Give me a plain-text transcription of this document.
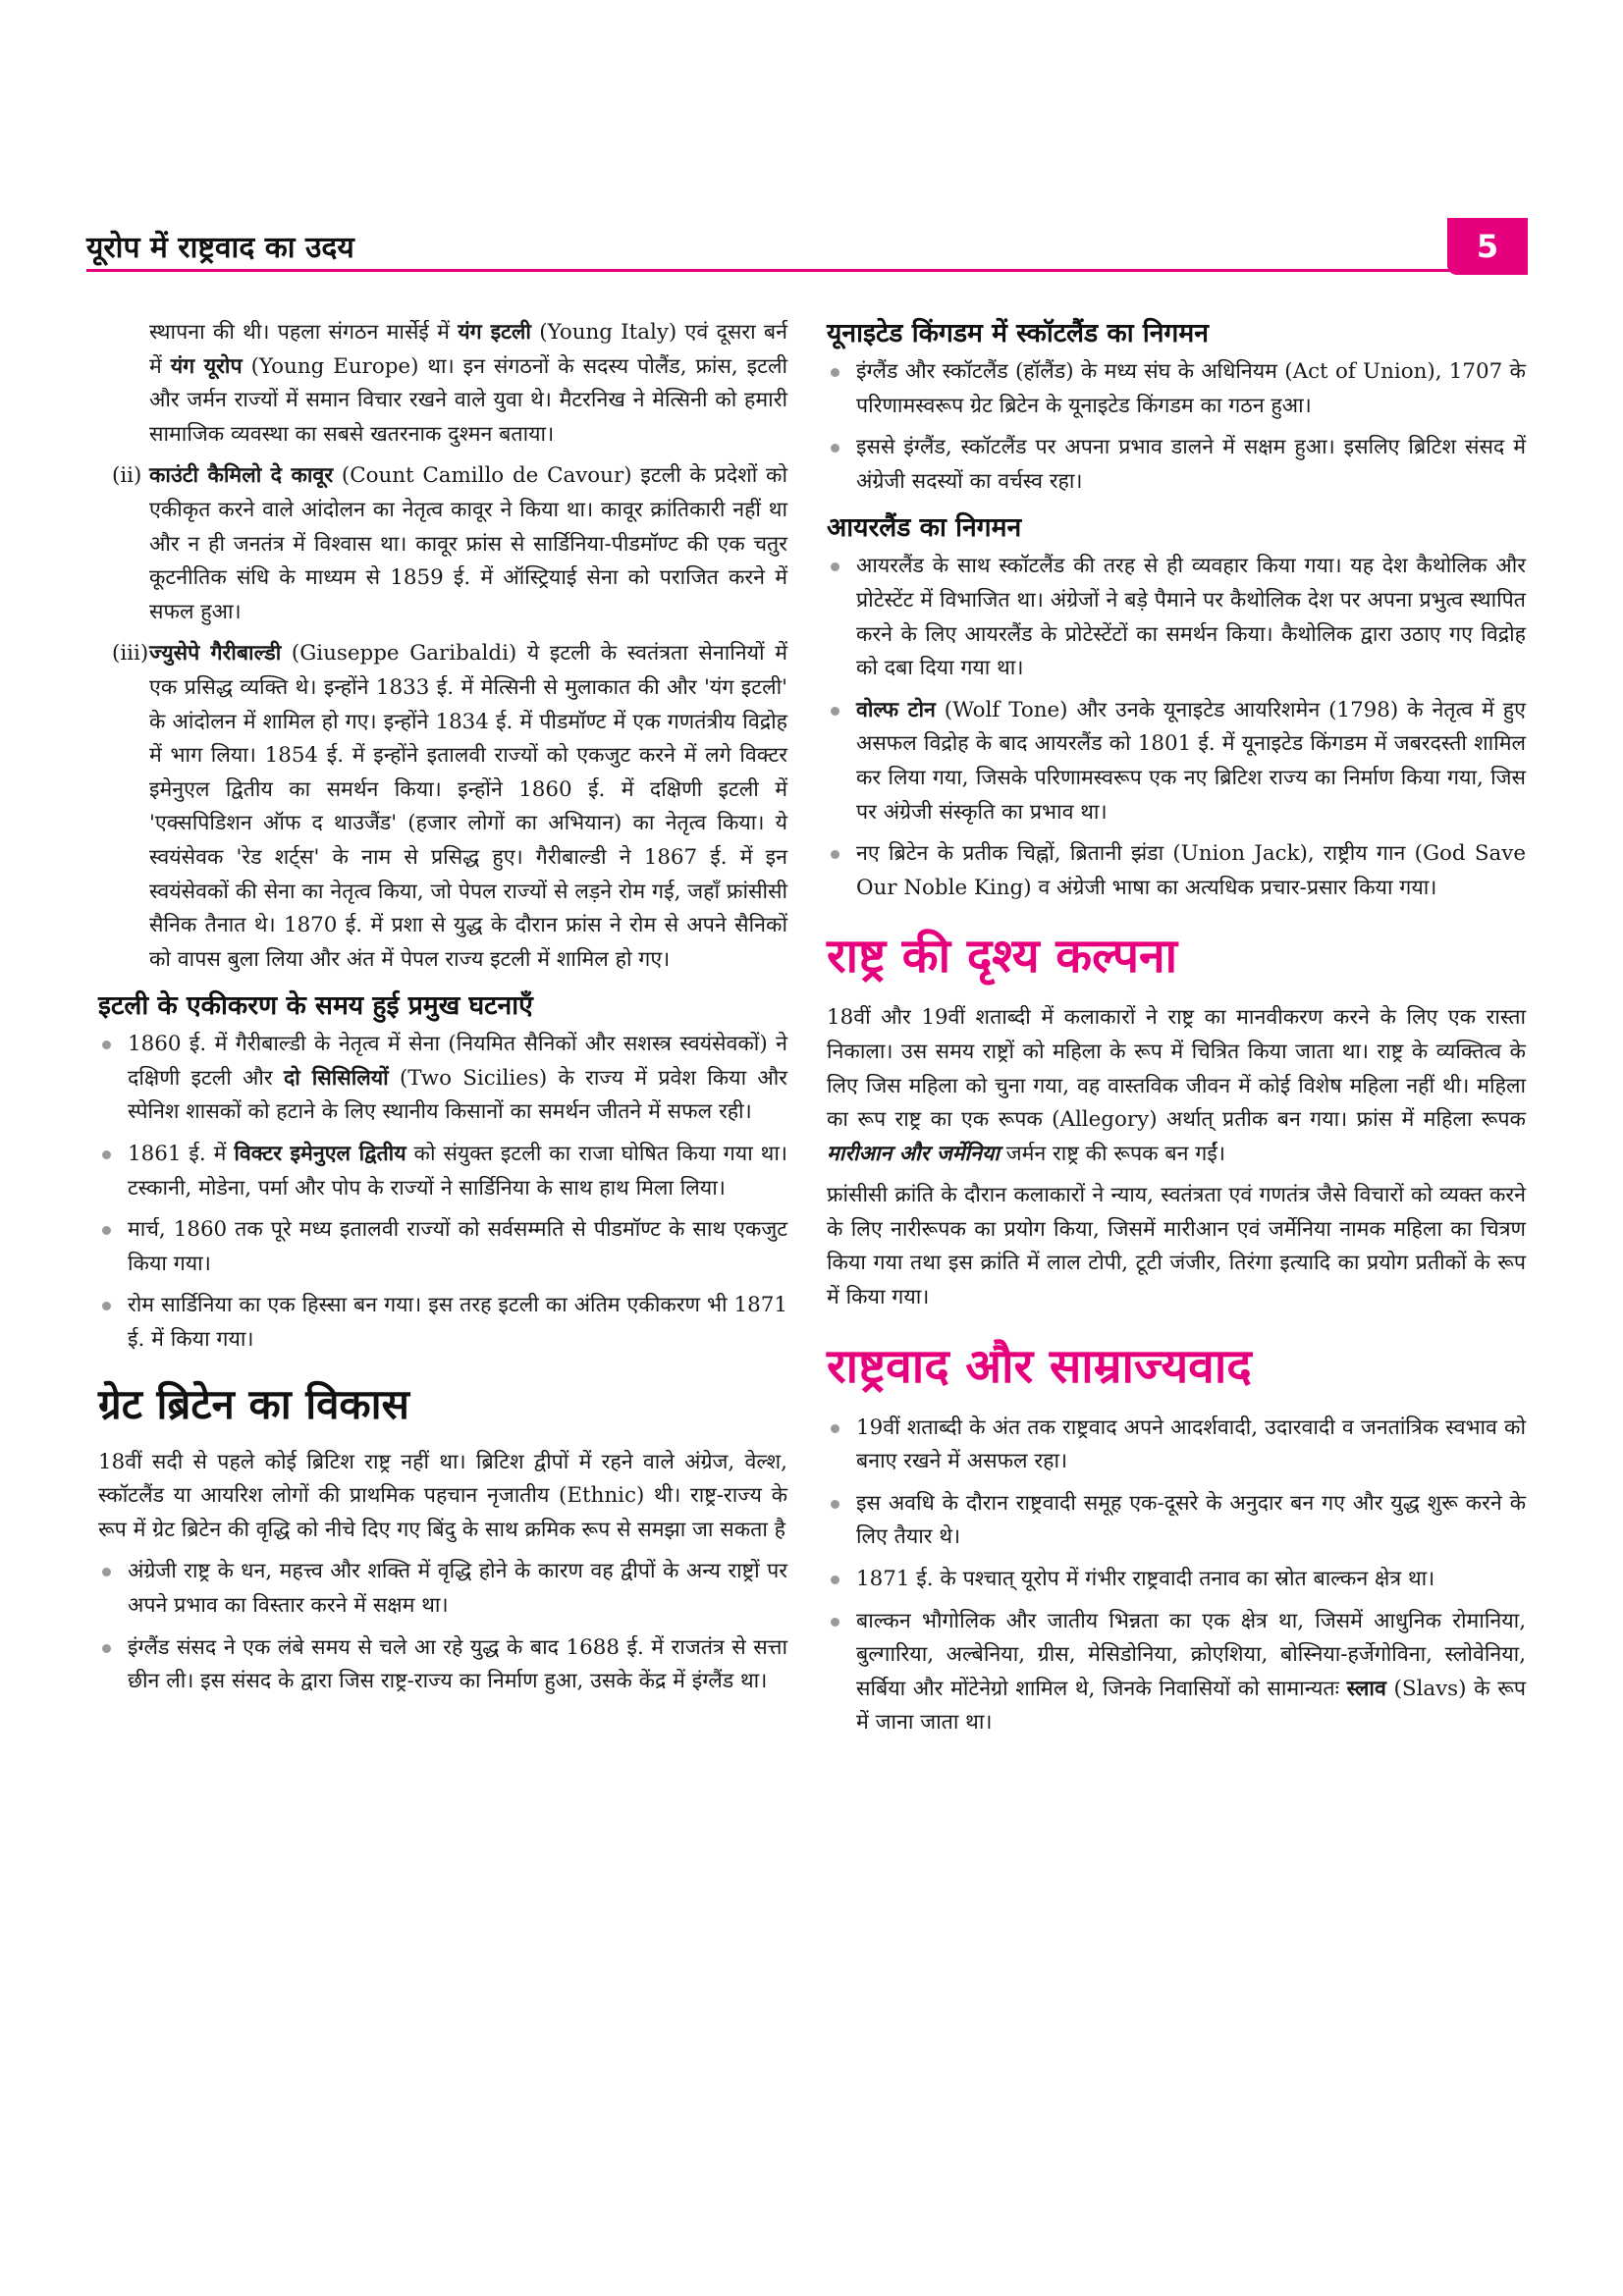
यूरोप में राष्ट्रवाद का उदय	5

स्थापना की थी। पहला संगठन मार्सेई में यंग इटली (Young Italy) एवं दूसरा बर्न में यंग यूरोप (Young Europe) था। इन संगठनों के सदस्य पोलैंड, फ्रांस, इटली और जर्मन राज्यों में समान विचार रखने वाले युवा थे। मैटरनिख ने मेत्सिनी को हमारी सामाजिक व्यवस्था का सबसे खतरनाक दुश्मन बताया।

(ii) काउंटी कैमिलो दे कावूर (Count Camillo de Cavour) इटली के प्रदेशों को एकीकृत करने वाले आंदोलन का नेतृत्व कावूर ने किया था। कावूर क्रांतिकारी नहीं था और न ही जनतंत्र में विश्वास था। कावूर फ्रांस से सार्डिनिया-पीडमॉण्ट की एक चतुर कूटनीतिक संधि के माध्यम से 1859 ई. में ऑस्ट्रियाई सेना को पराजित करने में सफल हुआ।
(iii) ज्युसेपे गैरीबाल्डी (Giuseppe Garibaldi) ये इटली के स्वतंत्रता सेनानियों में एक प्रसिद्ध व्यक्ति थे। इन्होंने 1833 ई. में मेत्सिनी से मुलाकात की और 'यंग इटली' के आंदोलन में शामिल हो गए। इन्होंने 1834 ई. में पीडमॉण्ट में एक गणतंत्रीय विद्रोह में भाग लिया। 1854 ई. में इन्होंने इतालवी राज्यों को एकजुट करने में लगे विक्टर इमेनुएल द्वितीय का समर्थन किया। इन्होंने 1860 ई. में दक्षिणी इटली में 'एक्सपिडिशन ऑफ द थाउजैंड' (हजार लोगों का अभियान) का नेतृत्व किया। ये स्वयंसेवक 'रेड शर्ट्स' के नाम से प्रसिद्ध हुए। गैरीबाल्डी ने 1867 ई. में इन स्वयंसेवकों की सेना का नेतृत्व किया, जो पेपल राज्यों से लड़ने रोम गई, जहाँ फ्रांसीसी सैनिक तैनात थे। 1870 ई. में प्रशा से युद्ध के दौरान फ्रांस ने रोम से अपने सैनिकों को वापस बुला लिया और अंत में पेपल राज्य इटली में शामिल हो गए।
इटली के एकीकरण के समय हुई प्रमुख घटनाएँ
1860 ई. में गैरीबाल्डी के नेतृत्व में सेना (नियमित सैनिकों और सशस्त्र स्वयंसेवकों) ने दक्षिणी इटली और दो सिसिलियों (Two Sicilies) के राज्य में प्रवेश किया और स्पेनिश शासकों को हटाने के लिए स्थानीय किसानों का समर्थन जीतने में सफल रही।
1861 ई. में विक्टर इमेनुएल द्वितीय को संयुक्त इटली का राजा घोषित किया गया था। टस्कानी, मोडेना, पर्मा और पोप के राज्यों ने सार्डिनिया के साथ हाथ मिला लिया।
मार्च, 1860 तक पूरे मध्य इतालवी राज्यों को सर्वसम्मति से पीडमॉण्ट के साथ एकजुट किया गया।
रोम सार्डिनिया का एक हिस्सा बन गया। इस तरह इटली का अंतिम एकीकरण भी 1871 ई. में किया गया।
ग्रेट ब्रिटेन का विकास

18वीं सदी से पहले कोई ब्रिटिश राष्ट्र नहीं था। ब्रिटिश द्वीपों में रहने वाले अंग्रेज, वेल्श, स्कॉटलैंड या आयरिश लोगों की प्राथमिक पहचान नृजातीय (Ethnic) थी। राष्ट्र-राज्य के रूप में ग्रेट ब्रिटेन की वृद्धि को नीचे दिए गए बिंदु के साथ क्रमिक रूप से समझा जा सकता है

अंग्रेजी राष्ट्र के धन, महत्त्व और शक्ति में वृद्धि होने के कारण वह द्वीपों के अन्य राष्ट्रों पर अपने प्रभाव का विस्तार करने में सक्षम था।
इंग्लैंड संसद ने एक लंबे समय से चले आ रहे युद्ध के बाद 1688 ई. में राजतंत्र से सत्ता छीन ली। इस संसद के द्वारा जिस राष्ट्र-राज्य का निर्माण हुआ, उसके केंद्र में इंग्लैंड था।
यूनाइटेड किंगडम में स्कॉटलैंड का निगमन
इंग्लैंड और स्कॉटलैंड (हॉलैंड) के मध्य संघ के अधिनियम (Act of Union), 1707 के परिणामस्वरूप ग्रेट ब्रिटेन के यूनाइटेड किंगडम का गठन हुआ।
इससे इंग्लैंड, स्कॉटलैंड पर अपना प्रभाव डालने में सक्षम हुआ। इसलिए ब्रिटिश संसद में अंग्रेजी सदस्यों का वर्चस्व रहा।
आयरलैंड का निगमन
आयरलैंड के साथ स्कॉटलैंड की तरह से ही व्यवहार किया गया। यह देश कैथोलिक और प्रोटेस्टेंट में विभाजित था। अंग्रेजों ने बड़े पैमाने पर कैथोलिक देश पर अपना प्रभुत्व स्थापित करने के लिए आयरलैंड के प्रोटेस्टेंटों का समर्थन किया। कैथोलिक द्वारा उठाए गए विद्रोह को दबा दिया गया था।
वोल्फ टोन (Wolf Tone) और उनके यूनाइटेड आयरिशमेन (1798) के नेतृत्व में हुए असफल विद्रोह के बाद आयरलैंड को 1801 ई. में यूनाइटेड किंगडम में जबरदस्ती शामिल कर लिया गया, जिसके परिणामस्वरूप एक नए ब्रिटिश राज्य का निर्माण किया गया, जिस पर अंग्रेजी संस्कृति का प्रभाव था।
नए ब्रिटेन के प्रतीक चिह्नों, ब्रितानी झंडा (Union Jack), राष्ट्रीय गान (God Save Our Noble King) व अंग्रेजी भाषा का अत्यधिक प्रचार-प्रसार किया गया।
राष्ट्र की दृश्य कल्पना

18वीं और 19वीं शताब्दी में कलाकारों ने राष्ट्र का मानवीकरण करने के लिए एक रास्ता निकाला। उस समय राष्ट्रों को महिला के रूप में चित्रित किया जाता था। राष्ट्र के व्यक्तित्व के लिए जिस महिला को चुना गया, वह वास्तविक जीवन में कोई विशेष महिला नहीं थी। महिला का रूप राष्ट्र का एक रूपक (Allegory) अर्थात् प्रतीक बन गया। फ्रांस में महिला रूपक मारीआन और जर्मेनिया जर्मन राष्ट्र की रूपक बन गईं।

फ्रांसीसी क्रांति के दौरान कलाकारों ने न्याय, स्वतंत्रता एवं गणतंत्र जैसे विचारों को व्यक्त करने के लिए नारीरूपक का प्रयोग किया, जिसमें मारीआन एवं जर्मेनिया नामक महिला का चित्रण किया गया तथा इस क्रांति में लाल टोपी, टूटी जंजीर, तिरंगा इत्यादि का प्रयोग प्रतीकों के रूप में किया गया।

राष्ट्रवाद और साम्राज्यवाद
19वीं शताब्दी के अंत तक राष्ट्रवाद अपने आदर्शवादी, उदारवादी व जनतांत्रिक स्वभाव को बनाए रखने में असफल रहा।
इस अवधि के दौरान राष्ट्रवादी समूह एक-दूसरे के अनुदार बन गए और युद्ध शुरू करने के लिए तैयार थे।
1871 ई. के पश्चात् यूरोप में गंभीर राष्ट्रवादी तनाव का स्रोत बाल्कन क्षेत्र था।
बाल्कन भौगोलिक और जातीय भिन्नता का एक क्षेत्र था, जिसमें आधुनिक रोमानिया, बुल्गारिया, अल्बेनिया, ग्रीस, मेसिडोनिया, क्रोएशिया, बोस्निया-हर्जेगोविना, स्लोवेनिया, सर्बिया और मोंटेनेग्रो शामिल थे, जिनके निवासियों को सामान्यतः स्लाव (Slavs) के रूप में जाना जाता था।
